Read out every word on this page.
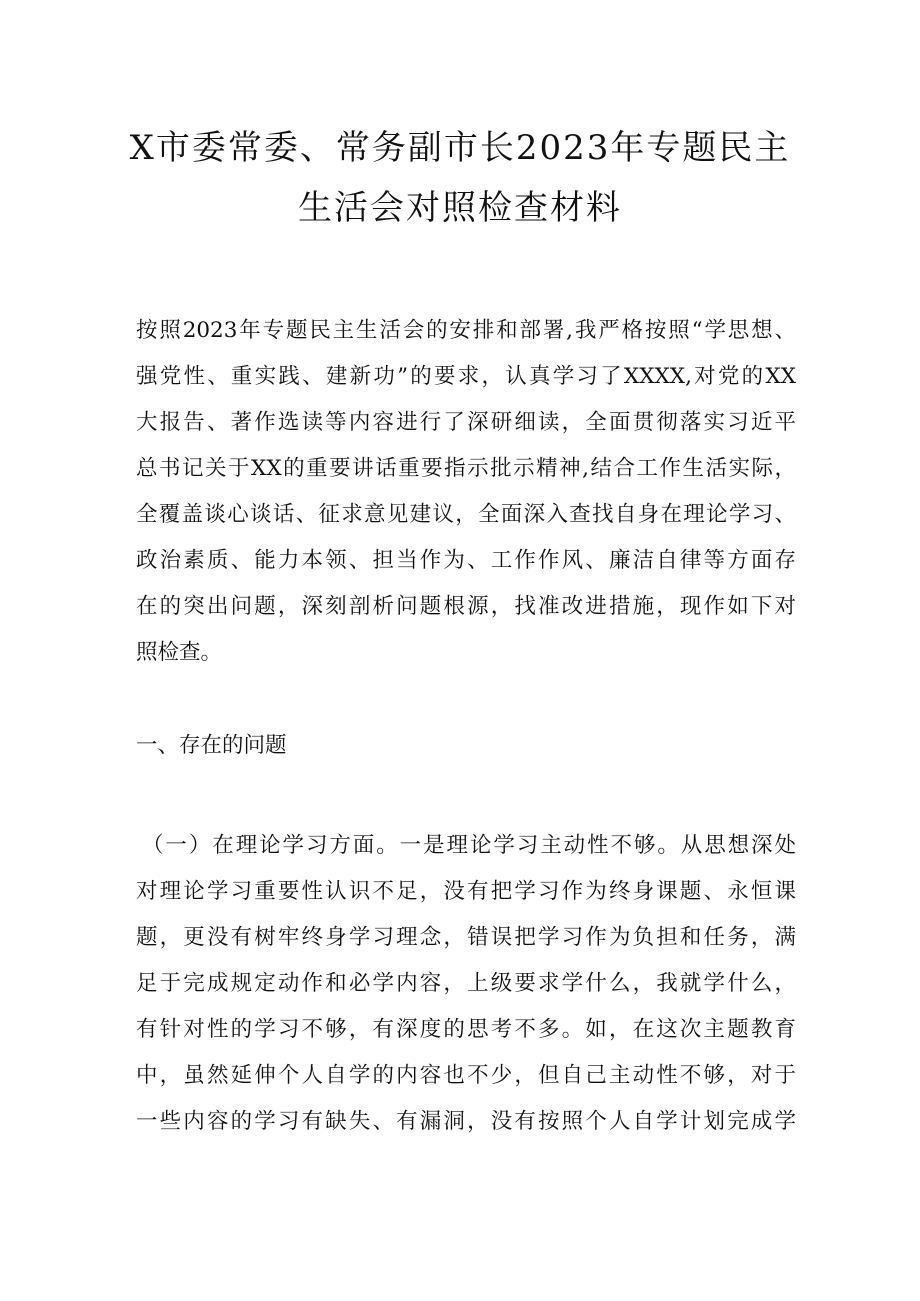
X市委常委、常务副市长2023年专题民主
生活会对照检查材料
按照2023年专题民主生活会的安排和部署,我严格按照“学思想、
强党性、重实践、建新功”的要求，认真学习了XXXX,对党的XX
大报告、著作选读等内容进行了深研细读，全面贯彻落实习近平
总书记关于XX的重要讲话重要指示批示精神,结合工作生活实际，
全覆盖谈心谈话、征求意见建议，全面深入查找自身在理论学习、
政治素质、能力本领、担当作为、工作作风、廉洁自律等方面存
在的突出问题，深刻剖析问题根源，找准改进措施，现作如下对
照检查。
一、存在的问题
（一）在理论学习方面。一是理论学习主动性不够。从思想深处
对理论学习重要性认识不足，没有把学习作为终身课题、永恒课
题，更没有树牢终身学习理念，错误把学习作为负担和任务，满
足于完成规定动作和必学内容，上级要求学什么，我就学什么，
有针对性的学习不够，有深度的思考不多。如，在这次主题教育
中，虽然延伸个人自学的内容也不少，但自己主动性不够，对于
一些内容的学习有缺失、有漏洞，没有按照个人自学计划完成学
